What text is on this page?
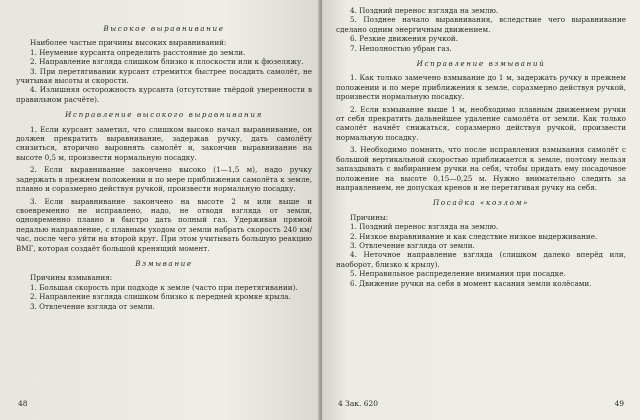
Высокое выравнивание

Наиболее частые причины высоких выравниваний:

1. Неумение курсанта определить расстояние до земли.

2. Направление взгляда слишком близко к плоскости или к фюзеляжу.

3. При перетягивании курсант стремится быстрее посадить самолёт, не учитывая высоты и скорости.

4. Излишняя осторожность курсанта (отсутствие твёрдой уверенности в правильном расчёте).

Исправление высокого выравнивания

1. Если курсант заметил, что слишком высоко начал выравнивание, он должен прекратить выравнивание, задержав ручку, дать самолёту снизиться, вторично выровнять самолёт и, закончив выравнивание на высоте 0,5 м, произвести нормальную посадку.

2. Если выравнивание закончено высоко (1—1,5 м), надо ручку задержать в прежнем положении и по мере приближения самолёта к земле, плавно и соразмерно действуя ручкой, произвести нормальную посадку.

3. Если выравнивание закончено на высоте 2 м или выше и своевременно не исправлено, надо, не отводя взгляда от земли, одновременно плавно и быстро дать полный газ. Удерживая прямой педалью направление, с плавным уходом от земли набрать скорость 240 км/час, после чего уйти на второй круг. При этом учитывать большую реакцию ВМГ, которая создаёт большой кренящий момент.

Взмывание

Причины взмывания:

1. Большая скорость при подходе к земле (часто при перетягивании).

2. Направление взгляда слишком близко к передней кромке крыла.

3. Отвлечение взгляда от земли.

48

4. Поздний перенос взгляда на землю.

5. Позднее начало выравнивания, вследствие чего выравнивание сделано одним энергичным движением.

6. Резкие движения ручкой.

7. Неполностью убран газ.

Исправление взмываний

1. Как только замечено взмывание до 1 м, задержать ручку в прежнем положении и по мере приближения к земле, соразмерно действуя ручкой, произвести нормальную посадку.

2. Если взмывание выше 1 м, необходимо плавным движением ручки от себя прекратить дальнейшее удаление самолёта от земли. Как только самолёт начнёт снижаться, соразмерно действуя ручкой, произвести нормальную посадку.

3. Необходимо помнить, что после исправления взмывания самолёт с большой вертикальной скоростью приближается к земле, поэтому нельзя запаздывать с выбиранием ручки на себя, чтобы придать ему посадочное положение на высоте 0,15—0,25 м. Нужно внимательно следить за направлением, не допуская кренов и не перетягивая ручку на себя.

Посадка «козлом»

Причины:

1. Поздний перенос взгляда на землю.

2. Низкое выравнивание и как следствие низкое выдерживание.

3. Отвлечение взгляда от земли.

4. Неточное направление взгляда (слишком далеко вперёд или, наоборот, близко к крылу).

5. Неправильное распределение внимания при посадке.

6. Движение ручки на себя в момент касания земли колёсами.

4 Зак. 620	49
